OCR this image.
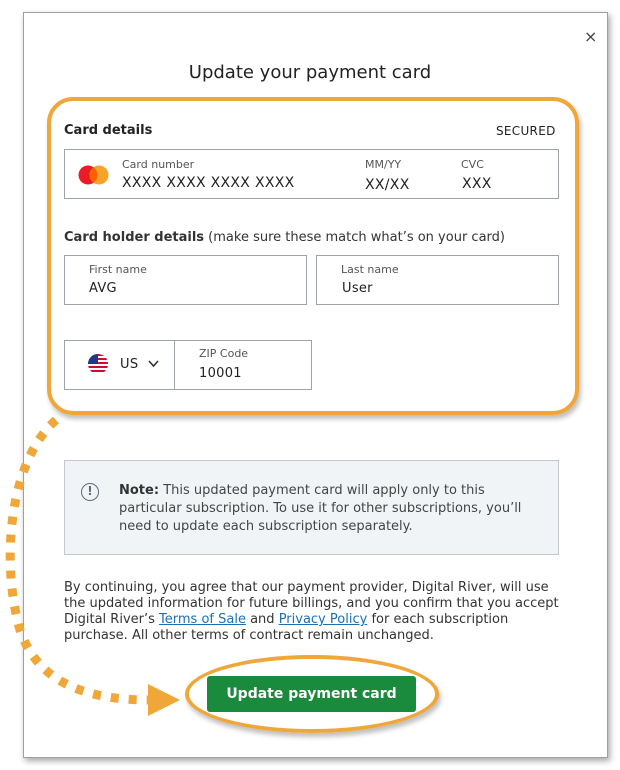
×
Update your payment card
Card details	SECURED
Card number
XXXX XXXX XXXX XXXX
MM/YY
XX/XX
CVC
XXX
Card holder details (make sure these match what’s on your card)
First name
AVG
Last name
User
US
ZIP Code
10001
!	Note: This updated payment card will apply only to this particular subscription. To use it for other subscriptions, you’ll need to update each subscription separately.
By continuing, you agree that our payment provider, Digital River, will use the updated information for future billings, and you confirm that you accept Digital River’s Terms of Sale and Privacy Policy for each subscription purchase. All other terms of contract remain unchanged.
Update payment card
